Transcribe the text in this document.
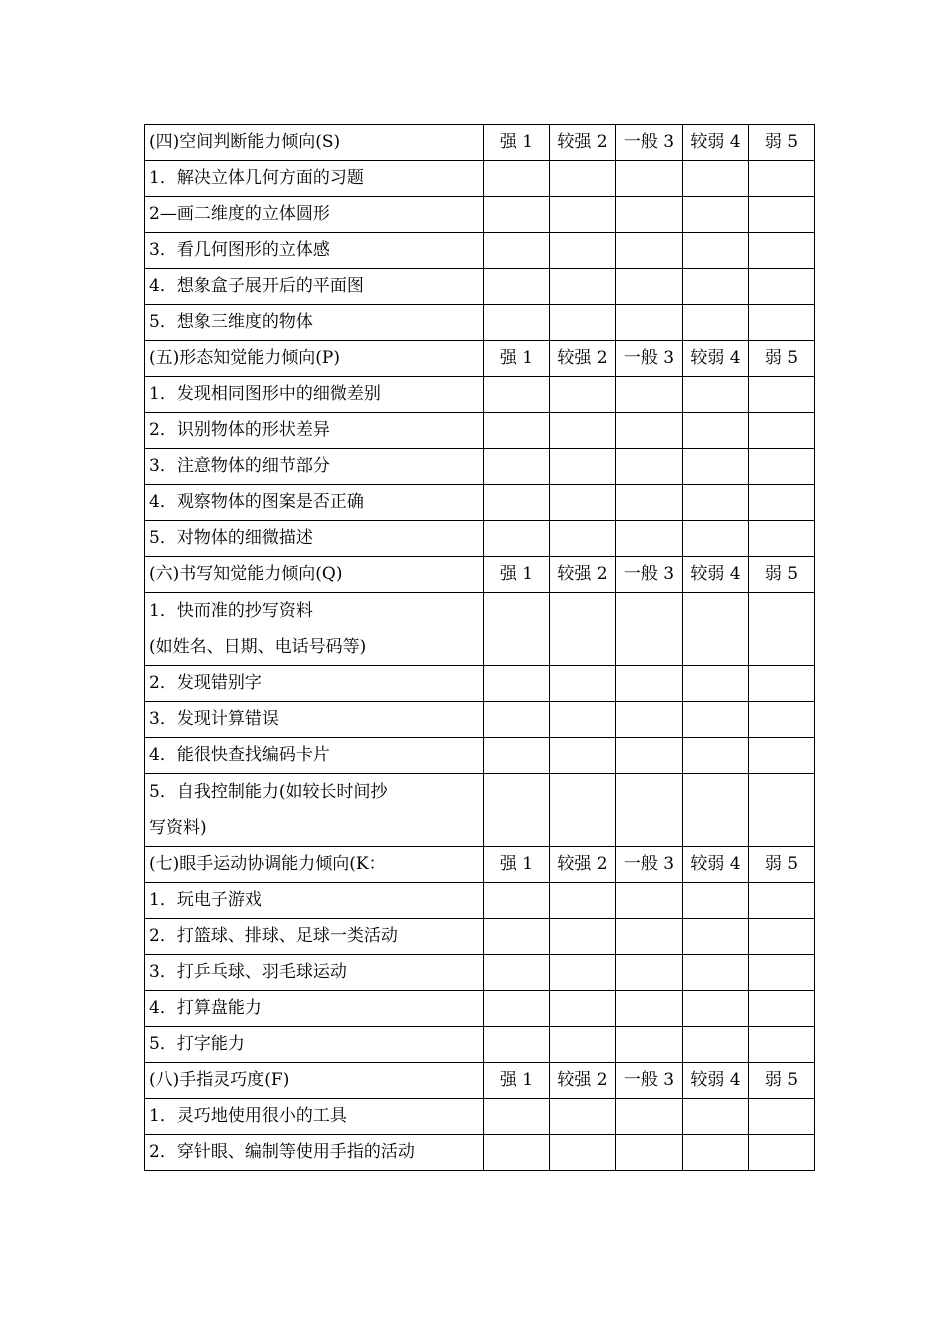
(四)空间判断能力倾向(S)	强 1	较强 2	一般 3	较弱 4	弱 5

1．解决立体几何方面的习题					

2—画二维度的立体圆形					

3．看几何图形的立体感					

4．想象盒子展开后的平面图					

5．想象三维度的物体					

(五)形态知觉能力倾向(P)	强 1	较强 2	一般 3	较弱 4	弱 5

1．发现相同图形中的细微差别					

2．识别物体的形状差异					

3．注意物体的细节部分					

4．观察物体的图案是否正确					

5．对物体的细微描述					

(六)书写知觉能力倾向(Q)	强 1	较强 2	一般 3	较弱 4	弱 5

1．快而准的抄写资料
(如姓名、日期、电话号码等)					

2．发现错别字					

3．发现计算错误					

4．能很快查找编码卡片					

5．自我控制能力(如较长时间抄
写资料)					

(七)眼手运动协调能力倾向(K：	强 1	较强 2	一般 3	较弱 4	弱 5

1．玩电子游戏					

2．打篮球、排球、足球一类活动					

3．打乒乓球、羽毛球运动					

4．打算盘能力					

5．打字能力					

(八)手指灵巧度(F)	强 1	较强 2	一般 3	较弱 4	弱 5

1．灵巧地使用很小的工具					

2．穿针眼、编制等使用手指的活动					
